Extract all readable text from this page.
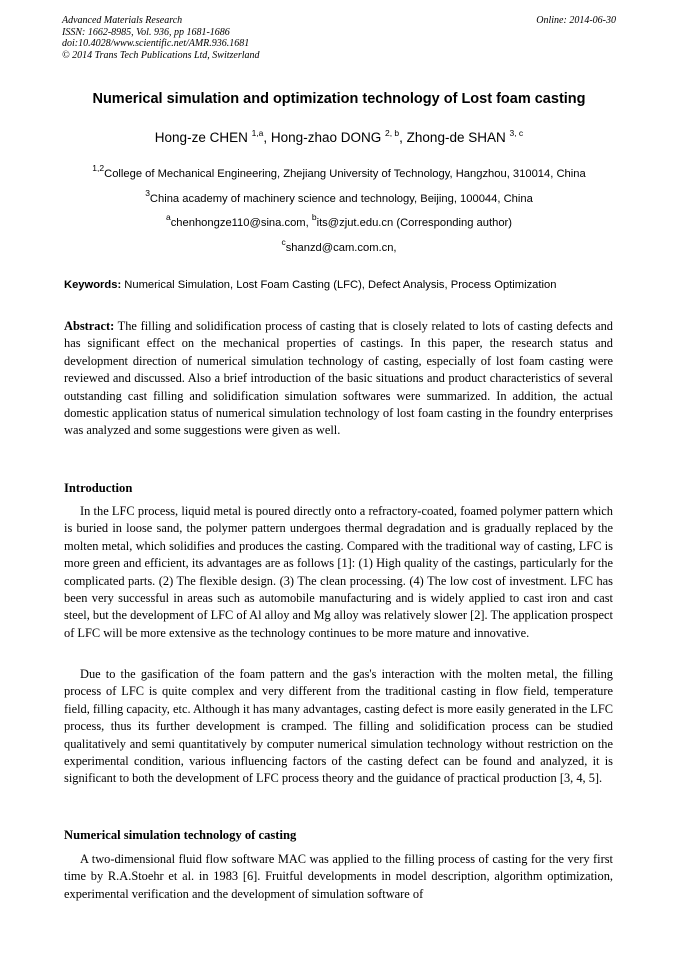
Advanced Materials Research
ISSN: 1662-8985, Vol. 936, pp 1681-1686
doi:10.4028/www.scientific.net/AMR.936.1681
© 2014 Trans Tech Publications Ltd, Switzerland
Online: 2014-06-30
Numerical simulation and optimization technology of Lost foam casting
Hong-ze CHEN $^{1,a}$, Hong-zhao DONG $^{2, b}$, Zhong-de SHAN $^{3, c}$
$^{1,2}$College of Mechanical Engineering, Zhejiang University of Technology, Hangzhou, 310014, China
$^3$China academy of machinery science and technology, Beijing, 100044, China
$^a$chenhongze110@sina.com, $^b$its@zjut.edu.cn (Corresponding author)
$^c$shanzd@cam.com.cn,
Keywords: Numerical Simulation, Lost Foam Casting (LFC), Defect Analysis, Process Optimization

Abstract: The filling and solidification process of casting that is closely related to lots of casting defects and has significant effect on the mechanical properties of castings. In this paper, the research status and development direction of numerical simulation technology of casting, especially of lost foam casting were reviewed and discussed. Also a brief introduction of the basic situations and product characteristics of several outstanding cast filling and solidification simulation softwares were summarized. In addition, the actual domestic application status of numerical simulation technology of lost foam casting in the foundry enterprises was analyzed and some suggestions were given as well.

Introduction

In the LFC process, liquid metal is poured directly onto a refractory-coated, foamed polymer pattern which is buried in loose sand, the polymer pattern undergoes thermal degradation and is gradually replaced by the molten metal, which solidifies and produces the casting. Compared with the traditional way of casting, LFC is more green and efficient, its advantages are as follows [1]: (1) High quality of the castings, particularly for the complicated parts. (2) The flexible design. (3) The clean processing. (4) The low cost of investment. LFC has been very successful in areas such as automobile manufacturing and is widely applied to cast iron and cast steel, but the development of LFC of Al alloy and Mg alloy was relatively slower [2]. The application prospect of LFC will be more extensive as the technology continues to be more mature and innovative.

Due to the gasification of the foam pattern and the gas's interaction with the molten metal, the filling process of LFC is quite complex and very different from the traditional casting in flow field, temperature field, filling capacity, etc. Although it has many advantages, casting defect is more easily generated in the LFC process, thus its further development is cramped. The filling and solidification process can be studied qualitatively and semi quantitatively by computer numerical simulation technology without restriction on the experimental condition, various influencing factors of the casting defect can be found and analyzed, it is significant to both the development of LFC process theory and the guidance of practical production [3, 4, 5].

Numerical simulation technology of casting

A two-dimensional fluid flow software MAC was applied to the filling process of casting for the very first time by R.A.Stoehr et al. in 1983 [6]. Fruitful developments in model description, algorithm optimization, experimental verification and the development of simulation software of
